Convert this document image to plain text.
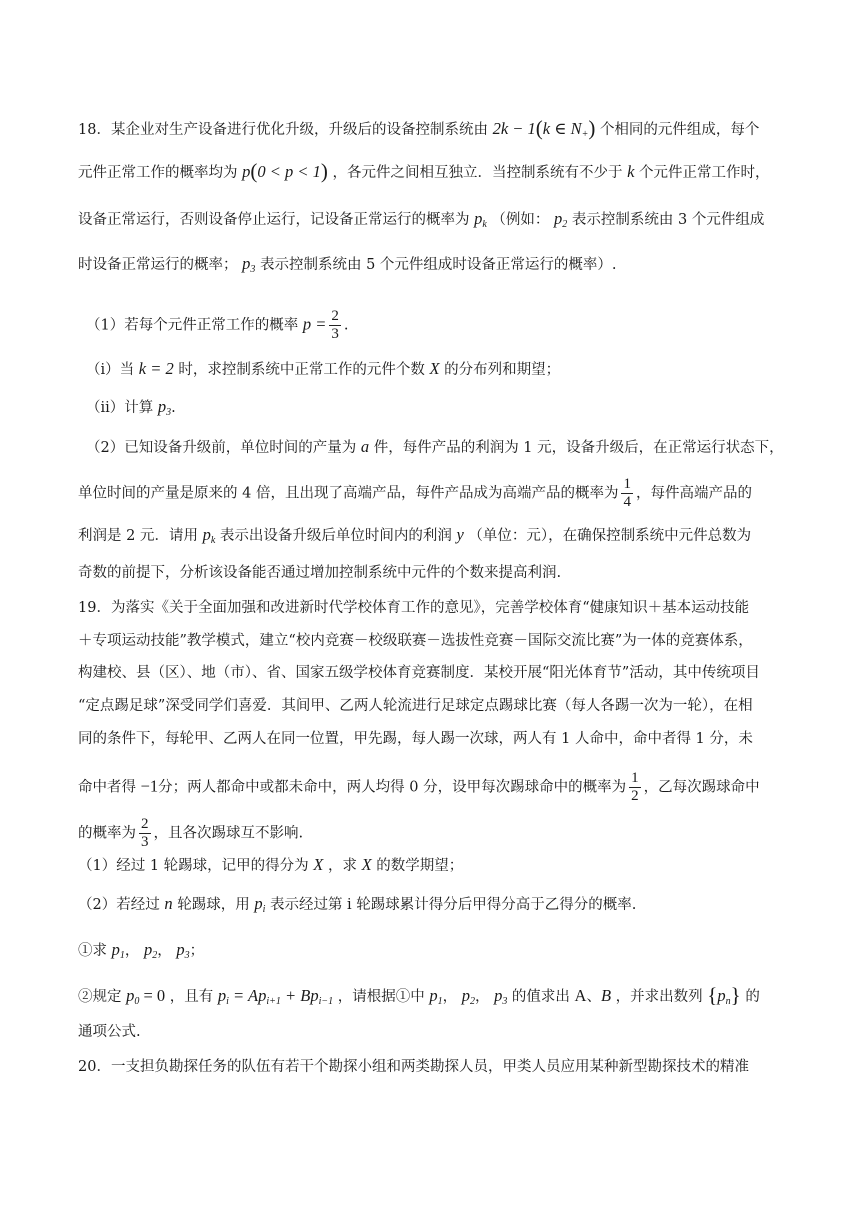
18．某企业对生产设备进行优化升级，升级后的设备控制系统由 2k − 1(k ∈ $N_+$) 个相同的元件组成，每个
元件正常工作的概率均为 p(0 < p < 1) ，各元件之间相互独立．当控制系统有不少于 k 个元件正常工作时，
设备正常运行，否则设备停止运行，记设备正常运行的概率为 $p_k$ （例如： $p_2$ 表示控制系统由 3 个元件组成
时设备正常运行的概率； $p_3$ 表示控制系统由 5 个元件组成时设备正常运行的概率）.
（1）若每个元件正常工作的概率 $p = \frac{2}{3}$ .
（i）当 k = 2 时，求控制系统中正常工作的元件个数 X 的分布列和期望；
（ii）计算 $p_3$.
（2）已知设备升级前，单位时间的产量为 a 件，每件产品的利润为 1 元，设备升级后，在正常运行状态下，
单位时间的产量是原来的 4 倍，且出现了高端产品，每件产品成为高端产品的概率为 $\frac{1}{4}$ ，每件高端产品的
利润是 2 元．请用 $p_k$ 表示出设备升级后单位时间内的利润 y （单位：元），在确保控制系统中元件总数为
奇数的前提下，分析该设备能否通过增加控制系统中元件的个数来提高利润.
19．为落实《关于全面加强和改进新时代学校体育工作的意见》，完善学校体育“健康知识＋基本运动技能
＋专项运动技能”教学模式，建立“校内竞赛－校级联赛－选拔性竞赛－国际交流比赛”为一体的竞赛体系，
构建校、县（区）、地（市）、省、国家五级学校体育竞赛制度．某校开展“阳光体育节”活动，其中传统项目
“定点踢足球”深受同学们喜爱．其间甲、乙两人轮流进行足球定点踢球比赛（每人各踢一次为一轮），在相
同的条件下，每轮甲、乙两人在同一位置，甲先踢，每人踢一次球，两人有 1 人命中，命中者得 1 分，未
命中者得 −1分；两人都命中或都未命中，两人均得 0 分，设甲每次踢球命中的概率为 $\frac{1}{2}$ ，乙每次踢球命中
的概率为 $\frac{2}{3}$ ，且各次踢球互不影响.
（1）经过 1 轮踢球，记甲的得分为 X ，求 X 的数学期望；
（2）若经过 n 轮踢球，用 $p_i$ 表示经过第 i 轮踢球累计得分后甲得分高于乙得分的概率.
①求 $p_1$， $p_2$， $p_3$；
②规定 $p_0 = 0$ ，且有 $p_i = Ap_{i+1} + Bp_{i-1}$ ，请根据①中 $p_1$， $p_2$， $p_3$ 的值求出 A、B ，并求出数列 $\{p_n\}$ 的
通项公式.
20．一支担负勘探任务的队伍有若干个勘探小组和两类勘探人员，甲类人员应用某种新型勘探技术的精准
